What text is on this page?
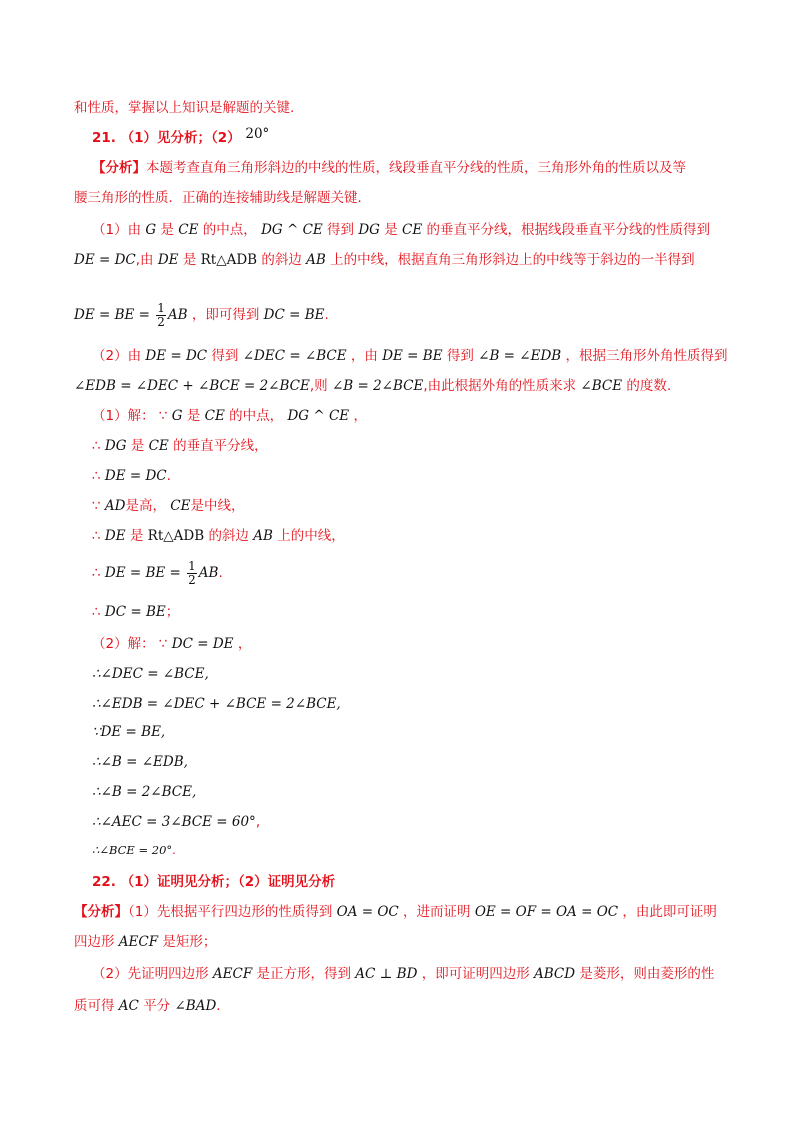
和性质，掌握以上知识是解题的关键.
21. （1）见分析；（2） 20°
【分析】本题考查直角三角形斜边的中线的性质，线段垂直平分线的性质，三角形外角的性质以及等
腰三角形的性质．正确的连接辅助线是解题关键．
（1）由 G 是 CE 的中点， DG ^ CE 得到 DG 是 CE 的垂直平分线，根据线段垂直平分线的性质得到
DE = DC,由 DE 是 Rt△ADB 的斜边 AB 上的中线，根据直角三角形斜边上的中线等于斜边的一半得到
DE = BE = $\frac{1}{2}$ AB ，即可得到 DC = BE.
（2）由 DE = DC 得到 ∠DEC = ∠BCE ，由 DE = BE 得到 ∠B = ∠EDB ，根据三角形外角性质得到
∠EDB = ∠DEC + ∠BCE = 2∠BCE,则 ∠B = 2∠BCE,由此根据外角的性质来求 ∠BCE 的度数.
（1）解： ∵ G 是 CE 的中点， DG ^ CE ，
∴ DG 是 CE 的垂直平分线，
∴ DE = DC.
∵ AD是高， CE是中线，
∴ DE 是 Rt△ADB 的斜边 AB 上的中线，
∴ DE = BE = $\frac{1}{2}$ AB.
∴ DC = BE；
（2）解： ∵ DC = DE ，
∴∠DEC = ∠BCE,
∴∠EDB = ∠DEC + ∠BCE = 2∠BCE,
∵DE = BE,
∴∠B = ∠EDB,
∴∠B = 2∠BCE,
∴∠AEC = 3∠BCE = 60°,
∴∠BCE = 20°.
22. （1）证明见分析；（2）证明见分析
【分析】（1）先根据平行四边形的性质得到 OA = OC ，进而证明 OE = OF = OA = OC ，由此即可证明
四边形 AECF 是矩形；
（2）先证明四边形 AECF 是正方形，得到 AC ⊥ BD ，即可证明四边形 ABCD 是菱形，则由菱形的性
质可得 AC 平分 ∠BAD.
